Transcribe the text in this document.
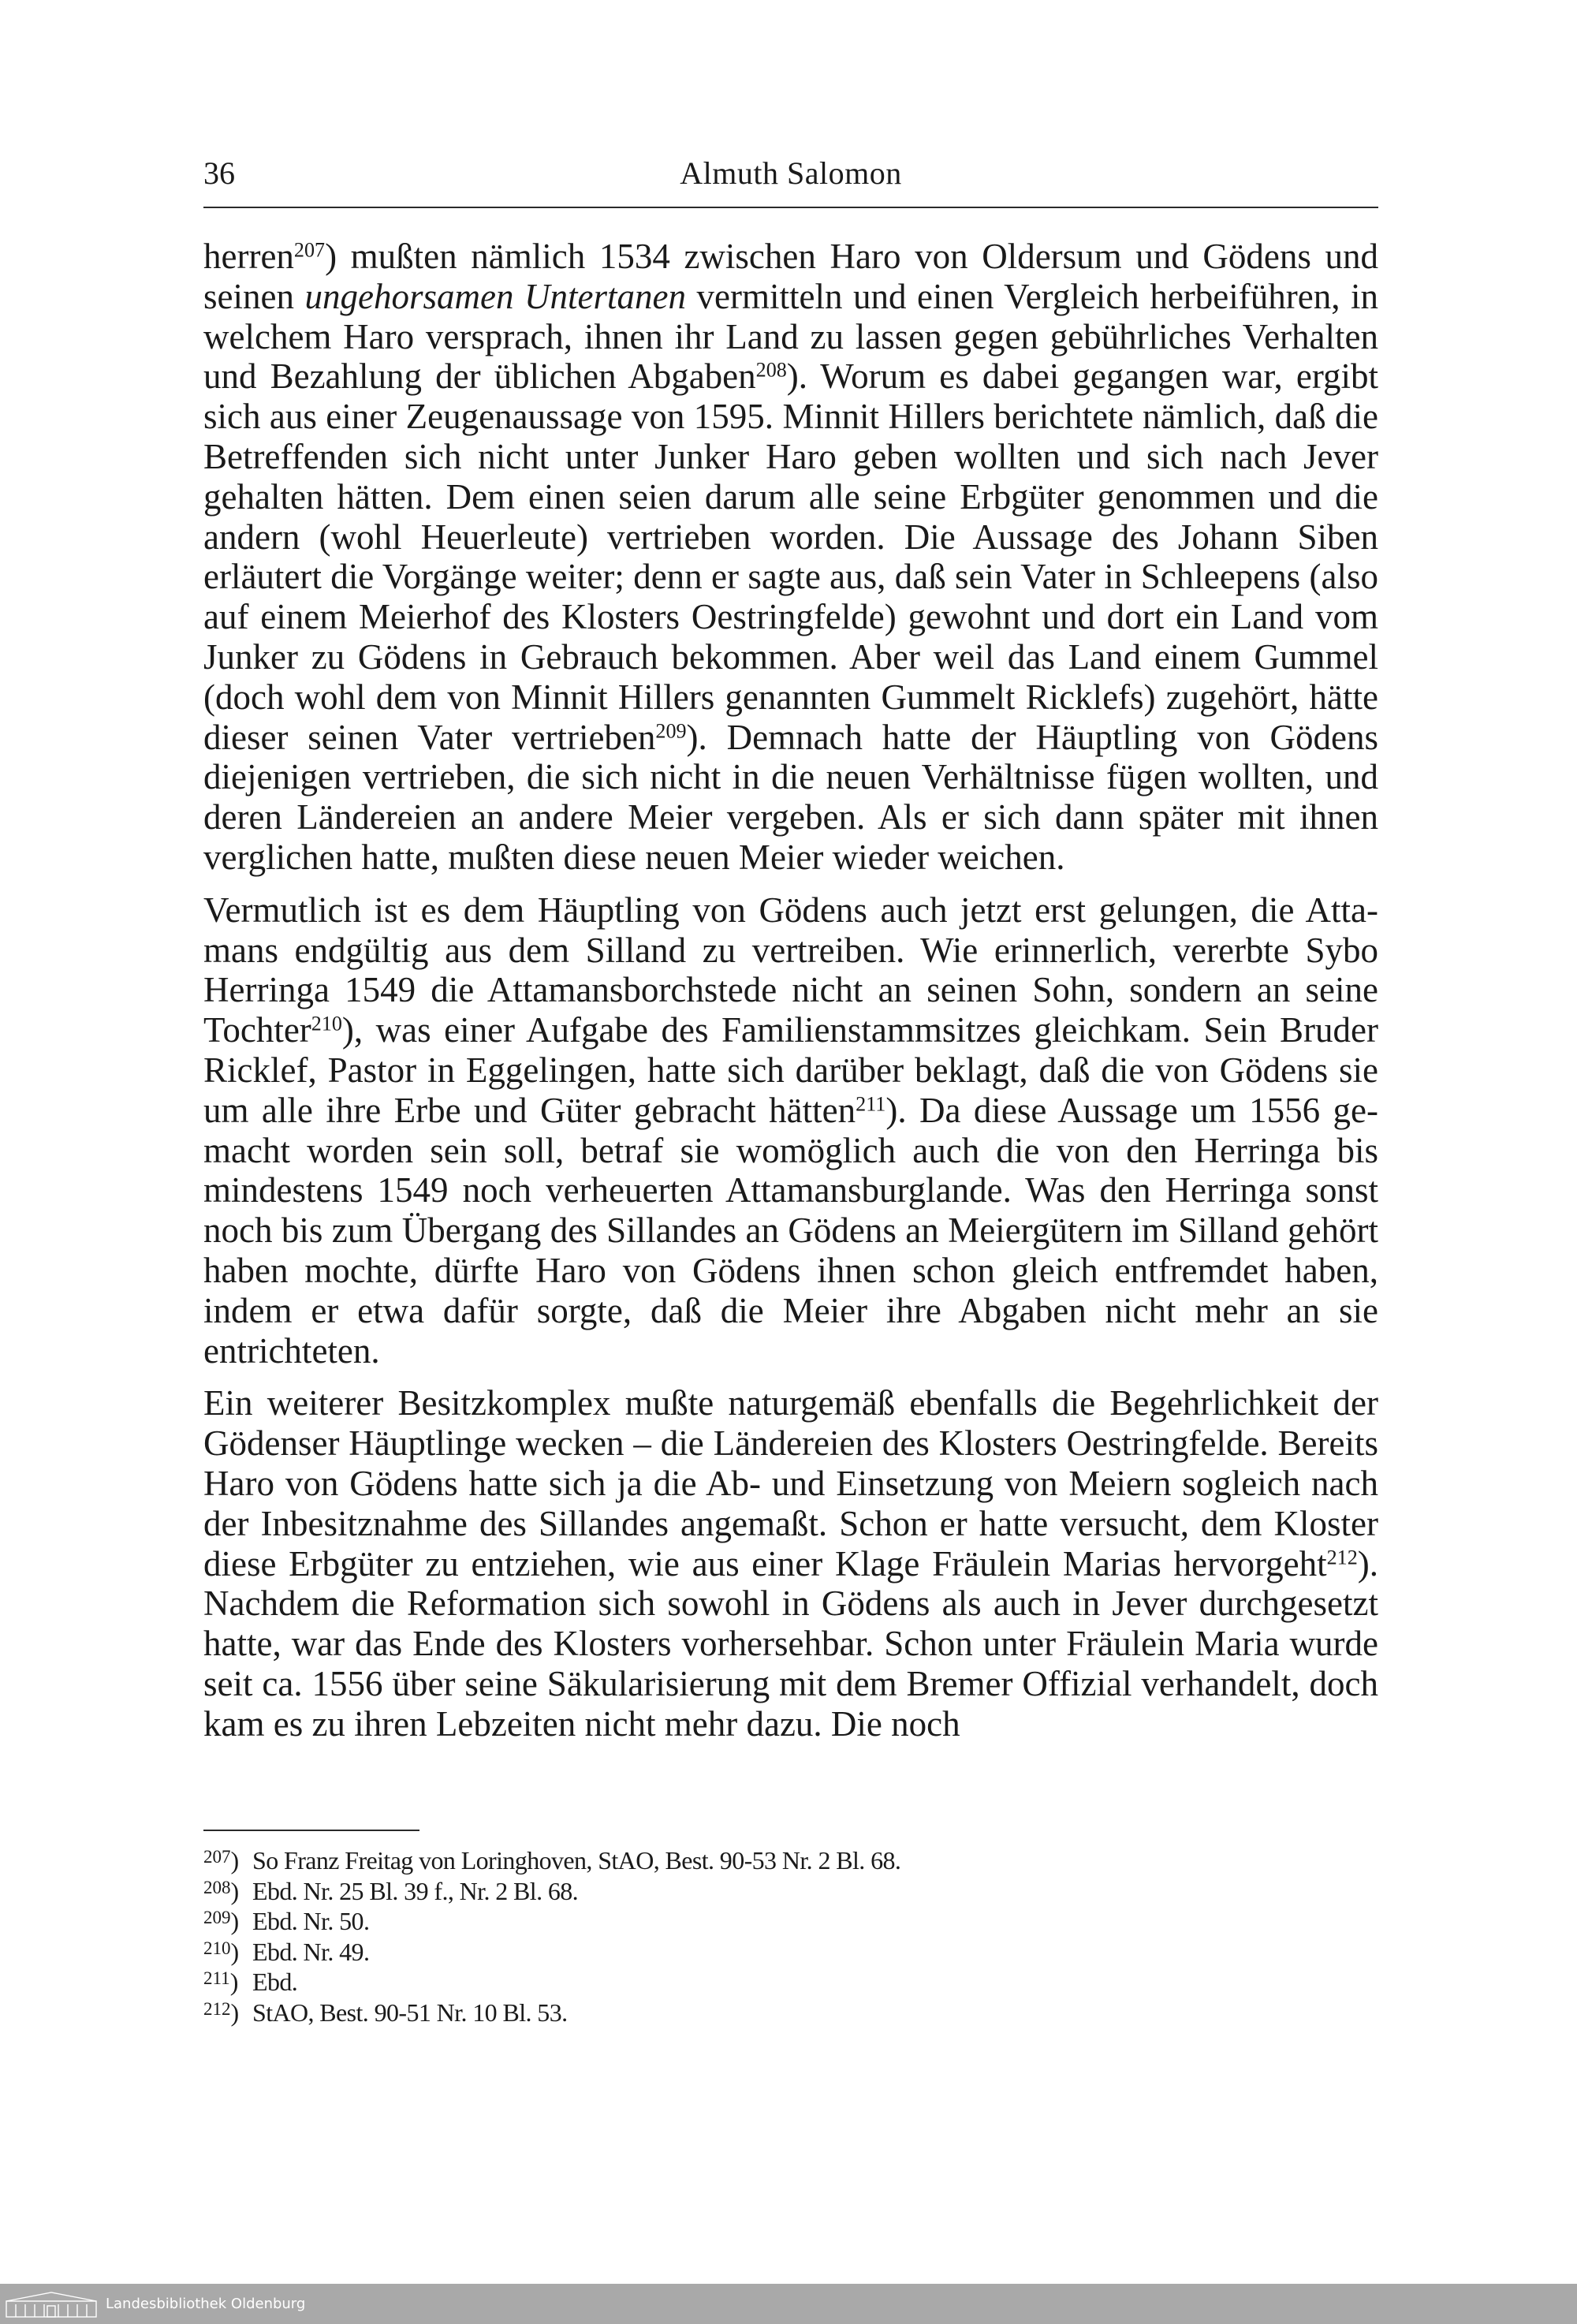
36	Almuth Salomon

herren$^{207}$) mußten nämlich 1534 zwischen Haro von Oldersum und Gödens und seinen ungehorsamen Untertanen vermitteln und einen Vergleich herbeiführen, in welchem Haro versprach, ihnen ihr Land zu lassen gegen gebührliches Verhalten und Bezahlung der üblichen Abgaben$^{208}$). Worum es dabei gegangen war, ergibt sich aus einer Zeugenaussage von 1595. Minnit Hillers berichtete nämlich, daß die Betreffenden sich nicht unter Junker Haro geben wollten und sich nach Jever gehalten hätten. Dem einen seien darum alle seine Erbgüter genommen und die andern (wohl Heuerleute) vertrieben worden. Die Aussage des Johann Siben erläutert die Vorgänge weiter; denn er sagte aus, daß sein Vater in Schleepens (also auf einem Meierhof des Klosters Oestringfelde) gewohnt und dort ein Land vom Junker zu Gödens in Gebrauch bekommen. Aber weil das Land einem Gummel (doch wohl dem von Minnit Hillers genannten Gummelt Ricklefs) zugehört, hätte dieser seinen Vater vertrieben$^{209}$). Demnach hatte der Häuptling von Gödens diejenigen vertrieben, die sich nicht in die neuen Verhältnisse fügen wollten, und deren Ländereien an andere Meier vergeben. Als er sich dann später mit ihnen verglichen hatte, mußten diese neuen Meier wieder weichen.

Vermutlich ist es dem Häuptling von Gödens auch jetzt erst gelungen, die Attamans endgültig aus dem Silland zu vertreiben. Wie erinnerlich, vererbte Sybo Herringa 1549 die Attamansborchstede nicht an seinen Sohn, sondern an seine Tochter$^{210}$), was einer Aufgabe des Familienstammsitzes gleichkam. Sein Bruder Ricklef, Pastor in Eggelingen, hatte sich darüber beklagt, daß die von Gödens sie um alle ihre Erbe und Güter gebracht hätten$^{211}$). Da diese Aussage um 1556 gemacht worden sein soll, betraf sie womöglich auch die von den Herringa bis mindestens 1549 noch verheuerten Attamansburglande. Was den Herringa sonst noch bis zum Übergang des Sillandes an Gödens an Meiergütern im Silland gehört haben mochte, dürfte Haro von Gödens ihnen schon gleich entfremdet haben, indem er etwa dafür sorgte, daß die Meier ihre Abgaben nicht mehr an sie entrichteten.

Ein weiterer Besitzkomplex mußte naturgemäß ebenfalls die Begehrlichkeit der Gödenser Häuptlinge wecken – die Ländereien des Klosters Oestringfelde. Bereits Haro von Gödens hatte sich ja die Ab- und Einsetzung von Meiern sogleich nach der Inbesitznahme des Sillandes angemaßt. Schon er hatte versucht, dem Kloster diese Erbgüter zu entziehen, wie aus einer Klage Fräulein Marias hervorgeht$^{212}$). Nachdem die Reformation sich sowohl in Gödens als auch in Jever durchgesetzt hatte, war das Ende des Klosters vorhersehbar. Schon unter Fräulein Maria wurde seit ca. 1556 über seine Säkularisierung mit dem Bremer Offizial verhandelt, doch kam es zu ihren Lebzeiten nicht mehr dazu. Die noch

$^{207}$) So Franz Freitag von Loringhoven, StAO, Best. 90-53 Nr. 2 Bl. 68.
$^{208}$) Ebd. Nr. 25 Bl. 39 f., Nr. 2 Bl. 68.
$^{209}$) Ebd. Nr. 50.
$^{210}$) Ebd. Nr. 49.
$^{211}$) Ebd.
$^{212}$) StAO, Best. 90-51 Nr. 10 Bl. 53.
Landesbibliothek Oldenburg
